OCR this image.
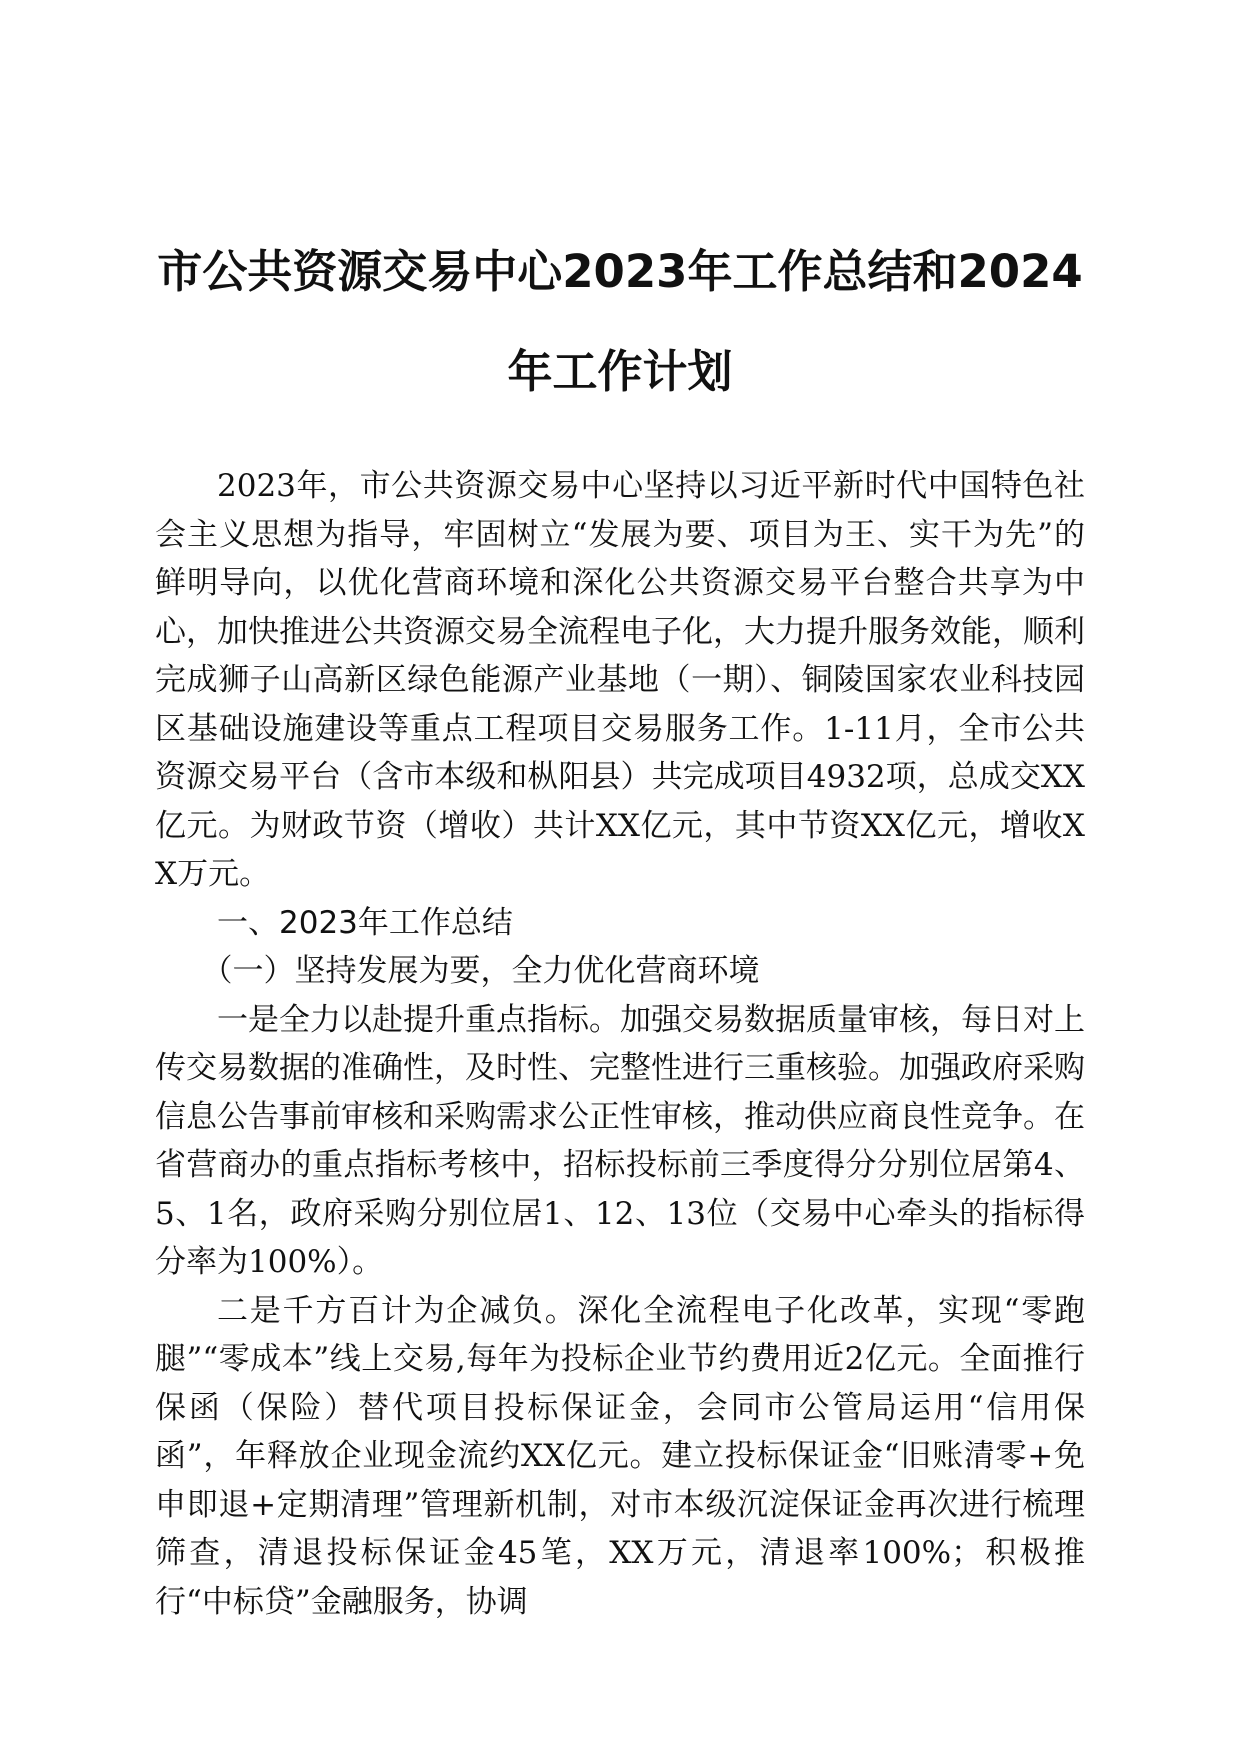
市公共资源交易中心2023年工作总结和2024年工作计划

2023年，市公共资源交易中心坚持以习近平新时代中国特色社会主义思想为指导，牢固树立“发展为要、项目为王、实干为先”的鲜明导向，以优化营商环境和深化公共资源交易平台整合共享为中心，加快推进公共资源交易全流程电子化，大力提升服务效能，顺利完成狮子山高新区绿色能源产业基地（一期）、铜陵国家农业科技园区基础设施建设等重点工程项目交易服务工作。1-11月，全市公共资源交易平台（含市本级和枞阳县）共完成项目4932项，总成交XX亿元。为财政节资（增收）共计XX亿元，其中节资XX亿元，增收XX万元。

一、2023年工作总结

（一）坚持发展为要，全力优化营商环境

一是全力以赴提升重点指标。加强交易数据质量审核，每日对上传交易数据的准确性，及时性、完整性进行三重核验。加强政府采购信息公告事前审核和采购需求公正性审核，推动供应商良性竞争。在省营商办的重点指标考核中，招标投标前三季度得分分别位居第4、5、1名，政府采购分别位居1、12、13位（交易中心牵头的指标得分率为100%）。

二是千方百计为企减负。深化全流程电子化改革，实现“零跑腿”“零成本”线上交易,每年为投标企业节约费用近2亿元。全面推行保函（保险）替代项目投标保证金，会同市公管局运用“信用保函”，年释放企业现金流约XX亿元。建立投标保证金“旧账清零+免申即退+定期清理”管理新机制，对市本级沉淀保证金再次进行梳理筛查，清退投标保证金45笔，XX万元，清退率100%；积极推行“中标贷”金融服务，协调
